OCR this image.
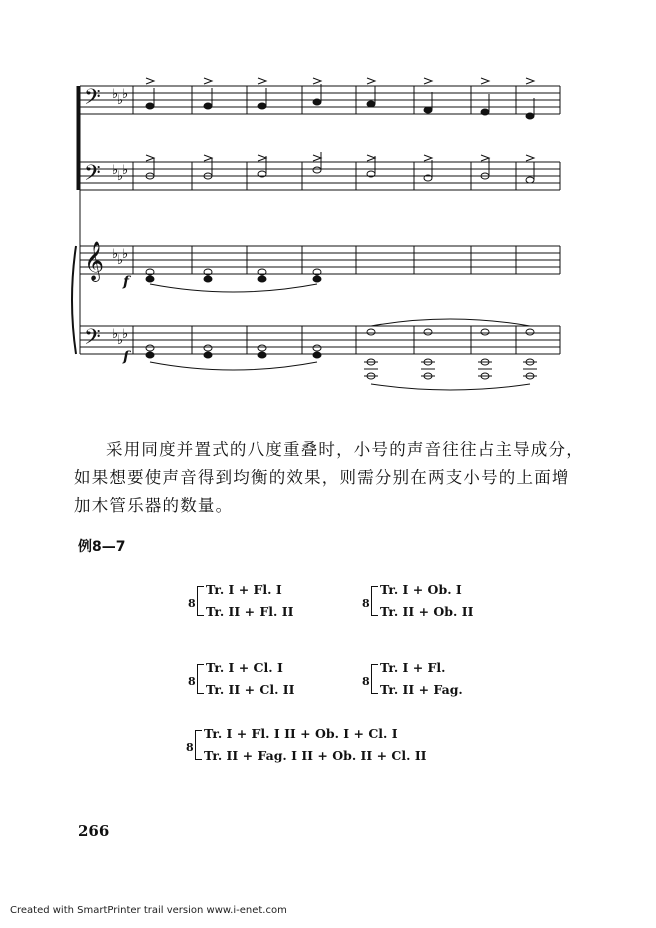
𝄢 ♭
♭
♭
𝄢 ♭
♭
♭
𝄞 ♭
♭
♭
𝄢 ♭
♭
♭
f
f

采用同度并置式的八度重叠时，小号的声音往往占主导成分，如果想要使声音得到均衡的效果，则需分别在两支小号的上面增加木管乐器的数量。

例8—7
8
Tr. I + Fl. I
Tr. II + Fl. II
8
Tr. I + Ob. I
Tr. II + Ob. II
8
Tr. I + Cl. I
Tr. II + Cl. II
8
Tr. I + Fl.
Tr. II + Fag.
8
Tr. I + Fl. I II + Ob. I + Cl. I
Tr. II + Fag. I II + Ob. II + Cl. II
266
Created with SmartPrinter trail version www.i-enet.com
